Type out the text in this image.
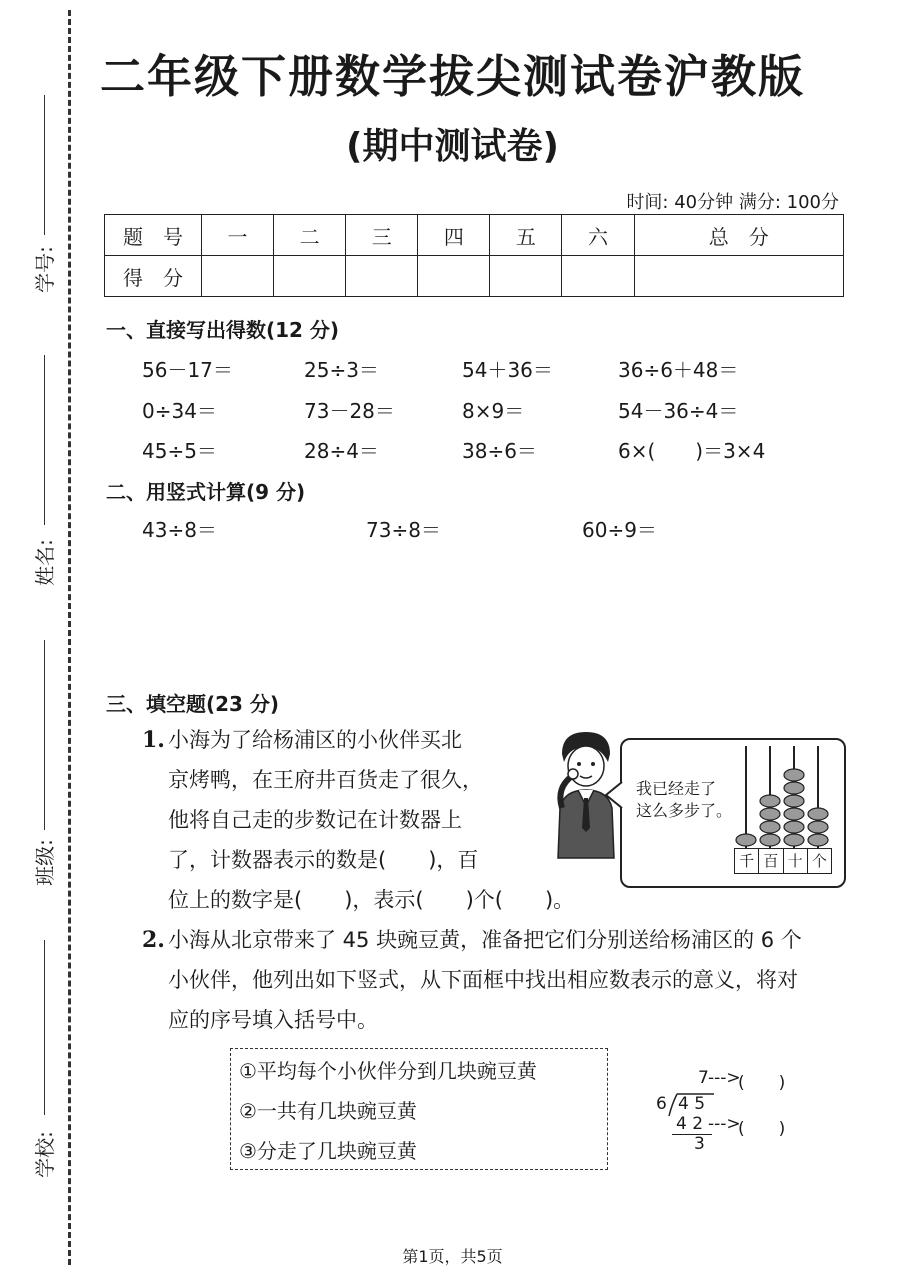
学号:
姓名:
班级:
学校:
二年级下册数学拔尖测试卷沪教版
(期中测试卷)
时间: 40分钟 满分: 100分
题　号	一	二	三	四	五	六	总　分
得　分							
一、直接写出得数(12 分)
56－17＝	25÷3＝	54＋36＝	36÷6＋48＝
0÷34＝	73－28＝	8×9＝	54－36÷4＝
45÷5＝	28÷4＝	38÷6＝	6×(　　)＝3×4
二、用竖式计算(9 分)
43÷8＝	73÷8＝	60÷9＝
三、填空题(23 分)
1. 小海为了给杨浦区的小伙伴买北
京烤鸭，在王府井百货走了很久，
他将自己走的步数记在计数器上
了，计数器表示的数是(　　)，百
位上的数字是(　　)，表示(　　)个(　　)。
我已经走了
这么多步了。
千 百 十 个
2. 小海从北京带来了 45 块豌豆黄，准备把它们分别送给杨浦区的 6 个
小伙伴，他列出如下竖式，从下面框中找出相应数表示的意义，将对
应的序号填入括号中。
①平均每个小伙伴分到几块豌豆黄
②一共有几块豌豆黄
③分走了几块豌豆黄
7 --->
(　　)
6 4 5
4 2 --->
(　　)
3
第1页，共5页
